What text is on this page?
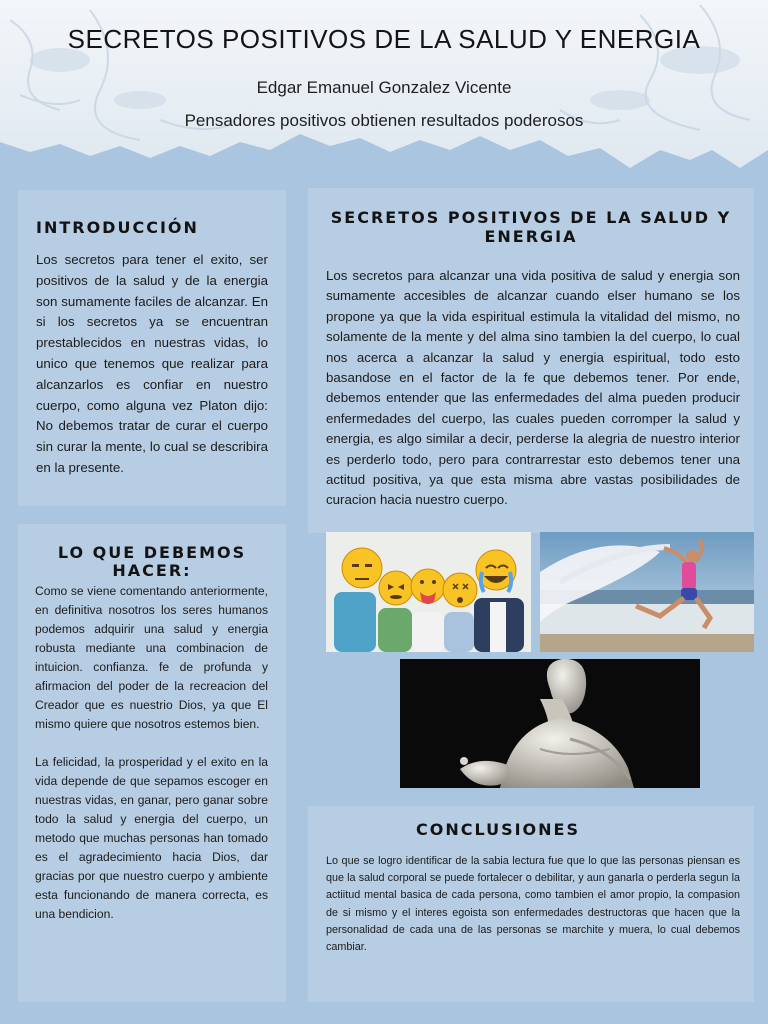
SECRETOS POSITIVOS DE LA SALUD Y ENERGIA
Edgar Emanuel Gonzalez Vicente
Pensadores positivos obtienen resultados poderosos
INTRODUCCIÓN

Los secretos para tener el exito, ser positivos de la salud y de la energia son sumamente faciles de alcanzar. En si los secretos ya se encuentran prestablecidos en nuestras vidas, lo unico que tenemos que realizar para alcanzarlos es confiar en nuestro cuerpo, como alguna vez Platon dijo: No debemos tratar de curar el cuerpo sin curar la mente, lo cual se describira en la presente.

LO QUE DEBEMOS HACER:

Como se viene comentando anteriormente, en definitiva nosotros los seres humanos podemos adquirir una salud y energia robusta mediante una combinacion de intuicion. confianza. fe de profunda y afirmacion del poder de la recreacion del Creador que es nuestrio Dios, ya que El mismo quiere que nosotros estemos bien.

La felicidad, la prosperidad y el exito en la vida depende de que sepamos escoger en nuestras vidas, en ganar, pero ganar sobre todo la salud y energia del cuerpo, un metodo que muchas personas han tomado es el agradecimiento hacia Dios, dar gracias por que nuestro cuerpo y ambiente esta funcionando de manera correcta, es una bendicion.

SECRETOS POSITIVOS DE LA SALUD Y ENERGIA

Los secretos para alcanzar una vida positiva de salud y energia son sumamente accesibles de alcanzar cuando elser humano se los propone ya que la vida espiritual estimula la vitalidad del mismo, no solamente de la mente y del alma sino tambien la del cuerpo, lo cual nos acerca a alcanzar la salud y energia espiritual, todo esto basandose en el factor de la fe que debemos tener. Por ende, debemos entender que las enfermedades del alma pueden producir enfermedades del cuerpo, las cuales pueden corromper la salud y energia, es algo similar a decir, perderse la alegria de nuestro interior es perderlo todo, pero para contrarrestar esto debemos tener una actitud positiva, ya que esta misma abre vastas posibilidades de curacion hacia nuestro cuerpo.

CONCLUSIONES

Lo que se logro identificar de la sabia lectura fue que lo que las personas piensan es que la salud corporal se puede fortalecer o debilitar, y aun ganarla o perderla segun la actiitud mental basica de cada persona, como tambien el amor propio, la compasion de si mismo y el interes egoista son enfermedades destructoras que hacen que la personalidad de cada una de las personas se marchite y muera, lo cual debemos cambiar.
